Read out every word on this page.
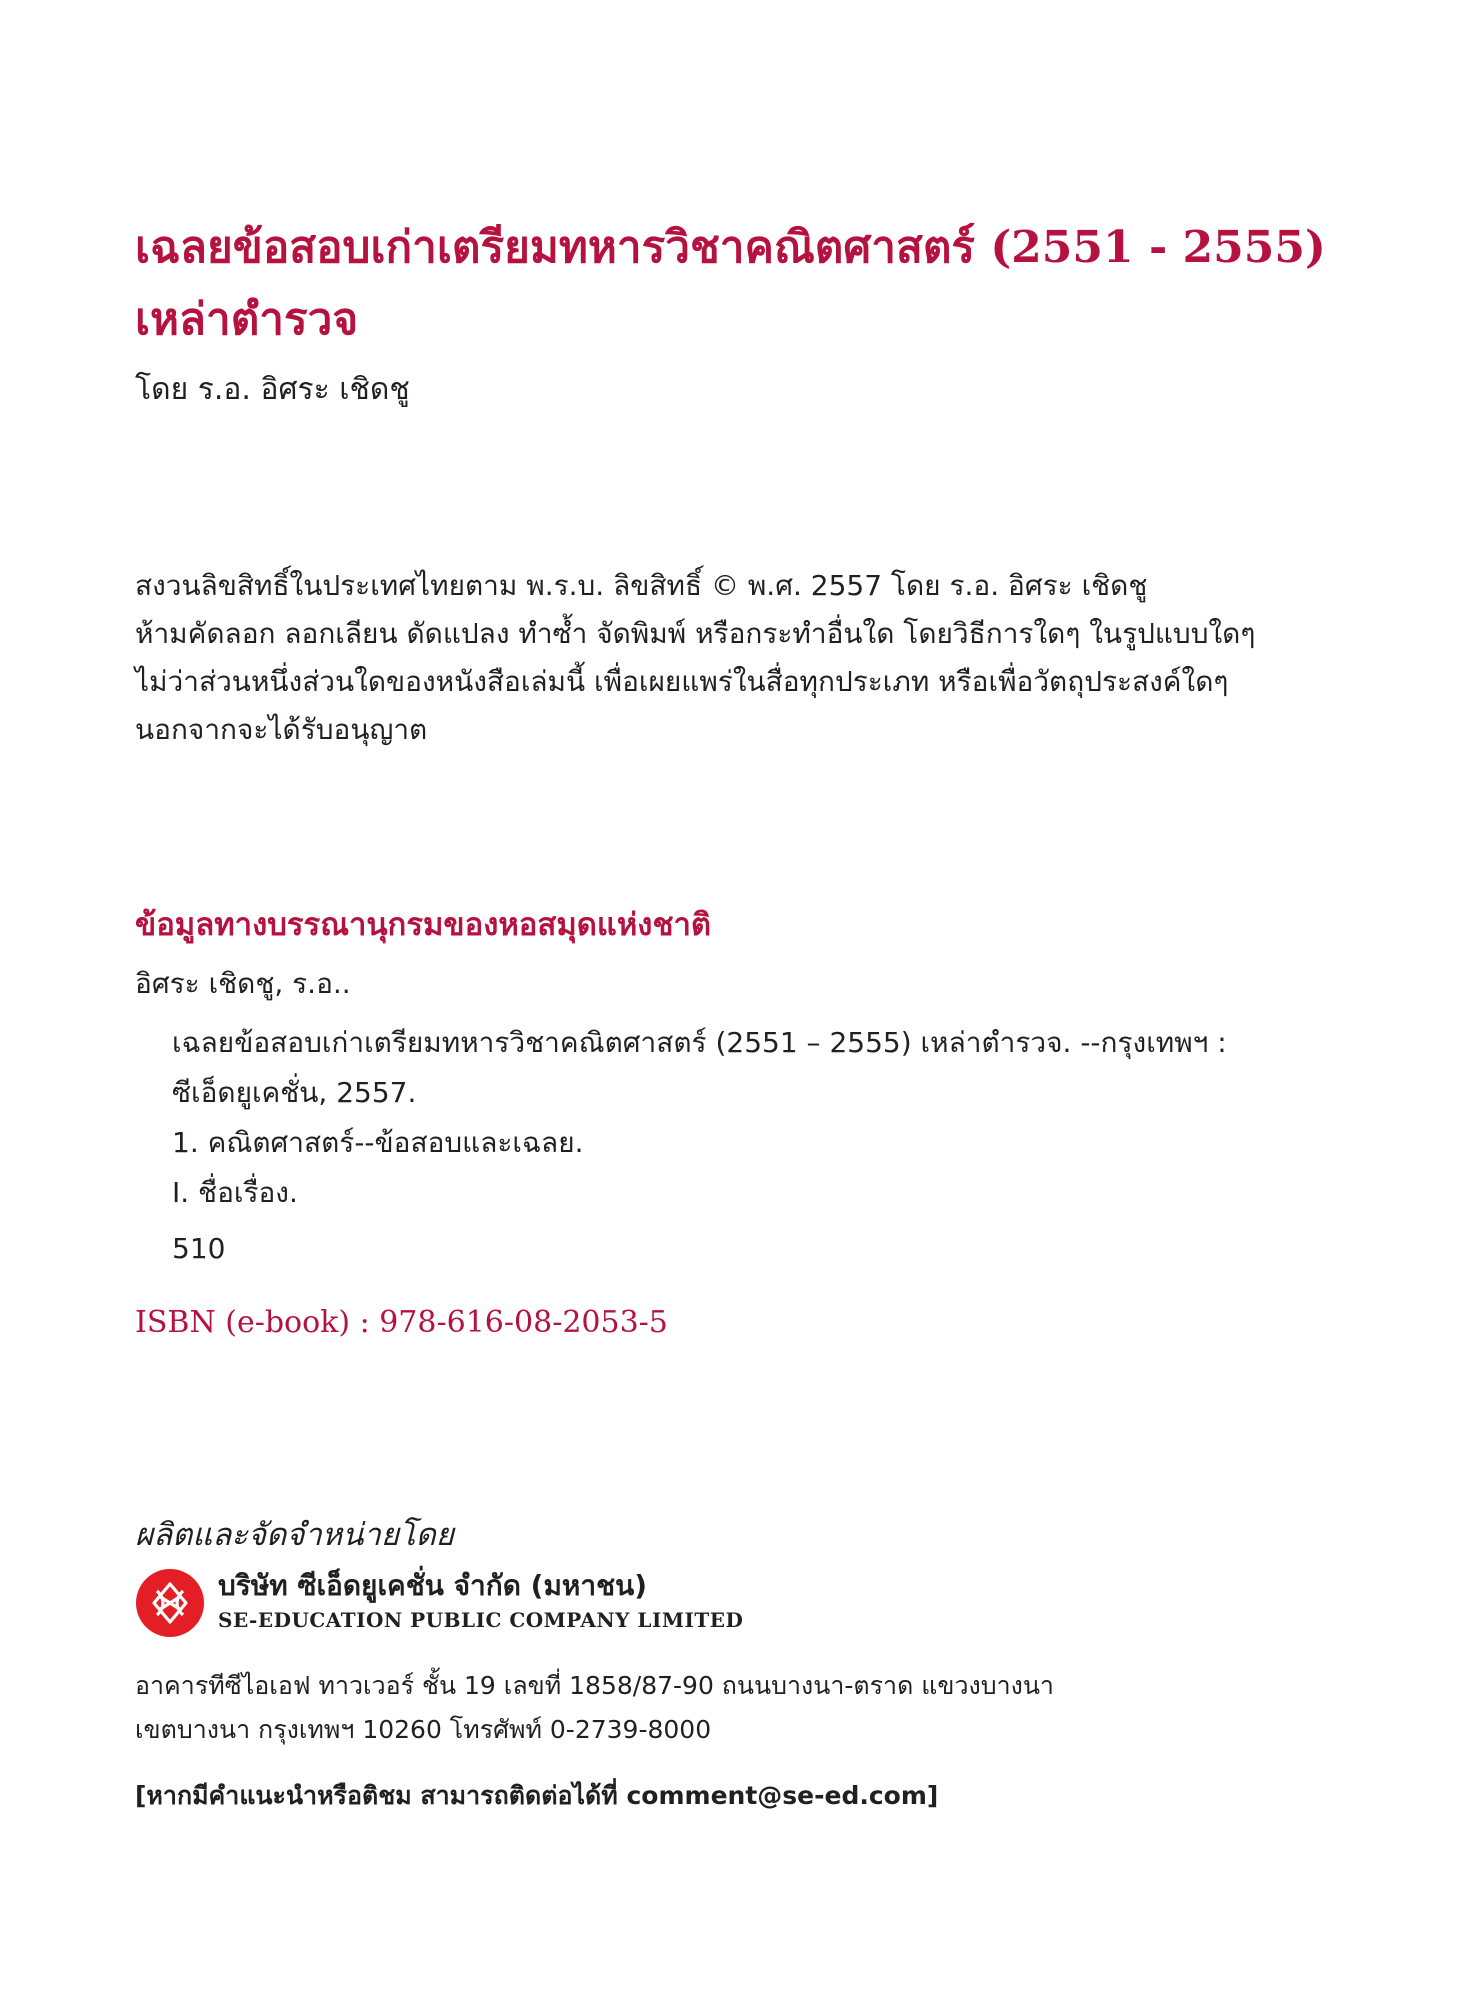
เฉลยข้อสอบเก่าเตรียมทหารวิชาคณิตศาสตร์ (2551 - 2555)
เหล่าตำรวจ
โดย ร.อ. อิศระ เชิดชู
สงวนลิขสิทธิ์ในประเทศไทยตาม พ.ร.บ. ลิขสิทธิ์ © พ.ศ. 2557 โดย ร.อ. อิศระ เชิดชู
ห้ามคัดลอก ลอกเลียน ดัดแปลง ทำซ้ำ จัดพิมพ์ หรือกระทำอื่นใด โดยวิธีการใดๆ ในรูปแบบใดๆ
ไม่ว่าส่วนหนึ่งส่วนใดของหนังสือเล่มนี้ เพื่อเผยแพร่ในสื่อทุกประเภท หรือเพื่อวัตถุประสงค์ใดๆ
นอกจากจะได้รับอนุญาต
ข้อมูลทางบรรณานุกรมของหอสมุดแห่งชาติ
อิศระ เชิดชู, ร.อ..
เฉลยข้อสอบเก่าเตรียมทหารวิชาคณิตศาสตร์ (2551 – 2555) เหล่าตำรวจ. --กรุงเทพฯ :
ซีเอ็ดยูเคชั่น, 2557.
1. คณิตศาสตร์--ข้อสอบและเฉลย.
I. ชื่อเรื่อง.
510
ISBN (e-book) : 978-616-08-2053-5
ผลิตและจัดจำหน่ายโดย
บริษัท ซีเอ็ดยูเคชั่น จำกัด (มหาชน)
SE-EDUCATION PUBLIC COMPANY LIMITED
อาคารทีซีไอเอฟ ทาวเวอร์ ชั้น 19 เลขที่ 1858/87-90 ถนนบางนา-ตราด แขวงบางนา
เขตบางนา กรุงเทพฯ 10260 โทรศัพท์ 0-2739-8000
[หากมีคำแนะนำหรือติชม สามารถติดต่อได้ที่ comment@se-ed.com]
